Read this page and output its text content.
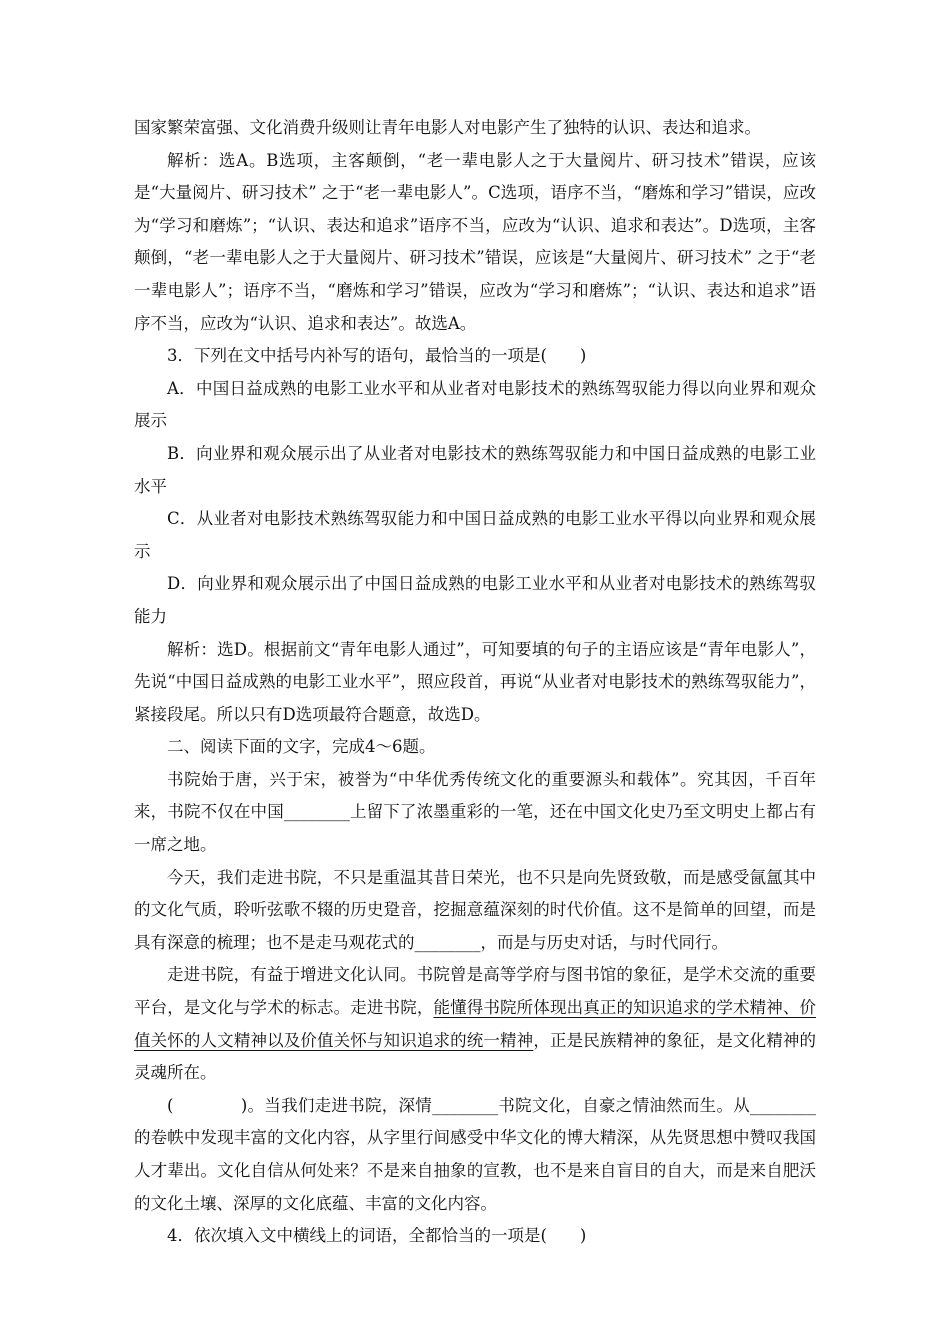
国家繁荣富强、文化消费升级则让青年电影人对电影产生了独特的认识、表达和追求。

解析：选A。B选项，主客颠倒，“老一辈电影人之于大量阅片、研习技术”错误，应该是“大量阅片、研习技术” 之于“老一辈电影人”。C选项，语序不当，“磨炼和学习”错误，应改为“学习和磨炼”；“认识、表达和追求”语序不当，应改为“认识、追求和表达”。D选项，主客颠倒，“老一辈电影人之于大量阅片、研习技术”错误，应该是“大量阅片、研习技术” 之于“老一辈电影人”；语序不当，“磨炼和学习”错误，应改为“学习和磨炼”；“认识、表达和追求”语序不当，应改为“认识、追求和表达”。故选A。

3．下列在文中括号内补写的语句，最恰当的一项是(　　)

A．中国日益成熟的电影工业水平和从业者对电影技术的熟练驾驭能力得以向业界和观众展示

B．向业界和观众展示出了从业者对电影技术的熟练驾驭能力和中国日益成熟的电影工业水平

C．从业者对电影技术熟练驾驭能力和中国日益成熟的电影工业水平得以向业界和观众展示

D．向业界和观众展示出了中国日益成熟的电影工业水平和从业者对电影技术的熟练驾驭能力

解析：选D。根据前文“青年电影人通过”，可知要填的句子的主语应该是“青年电影人”，先说“中国日益成熟的电影工业水平”，照应段首，再说“从业者对电影技术的熟练驾驭能力”，紧接段尾。所以只有D选项最符合题意，故选D。

二、阅读下面的文字，完成4～6题。

书院始于唐，兴于宋，被誉为“中华优秀传统文化的重要源头和载体”。究其因，千百年来，书院不仅在中国________上留下了浓墨重彩的一笔，还在中国文化史乃至文明史上都占有一席之地。

今天，我们走进书院，不只是重温其昔日荣光，也不只是向先贤致敬，而是感受氤氲其中的文化气质，聆听弦歌不辍的历史跫音，挖掘意蕴深刻的时代价值。这不是简单的回望，而是具有深意的梳理；也不是走马观花式的________，而是与历史对话，与时代同行。

走进书院，有益于增进文化认同。书院曾是高等学府与图书馆的象征，是学术交流的重要平台，是文化与学术的标志。走进书院，能懂得书院所体现出真正的知识追求的学术精神、价值关怀的人文精神以及价值关怀与知识追求的统一精神，正是民族精神的象征，是文化精神的灵魂所在。

(　　　　)。当我们走进书院，深情________书院文化，自豪之情油然而生。从________的卷帙中发现丰富的文化内容，从字里行间感受中华文化的博大精深，从先贤思想中赞叹我国人才辈出。文化自信从何处来？不是来自抽象的宣教，也不是来自盲目的自大，而是来自肥沃的文化土壤、深厚的文化底蕴、丰富的文化内容。

4．依次填入文中横线上的词语，全都恰当的一项是(　　)
